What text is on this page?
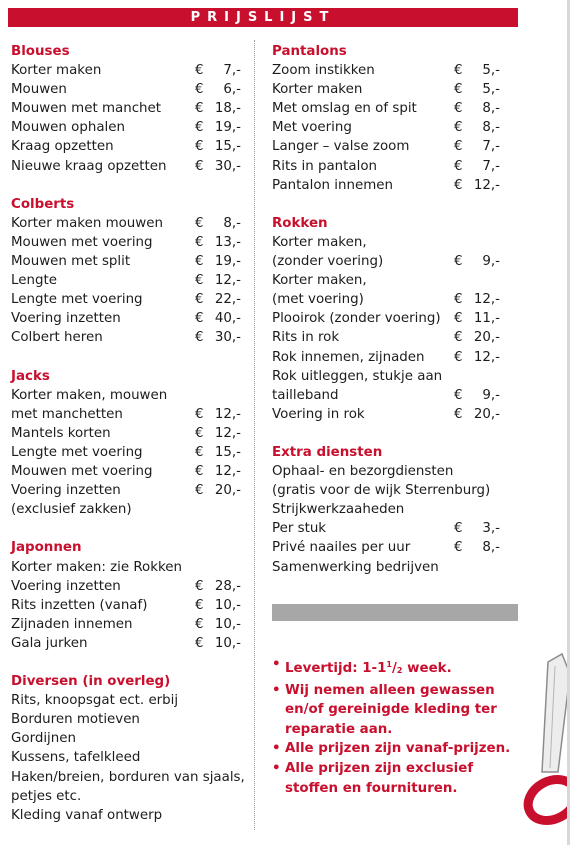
PRIJSLIJST
Blouses
Korter maken	€ 7,-
Mouwen	€ 6,-
Mouwen met manchet	€ 18,-
Mouwen ophalen	€ 19,-
Kraag opzetten	€ 15,-
Nieuwe kraag opzetten	€ 30,-
Colberts
Korter maken mouwen	€ 8,-
Mouwen met voering	€ 13,-
Mouwen met split	€ 19,-
Lengte	€ 12,-
Lengte met voering	€ 22,-
Voering inzetten	€ 40,-
Colbert heren	€ 30,-
Jacks
Korter maken, mouwen
met manchetten	€ 12,-
Mantels korten	€ 12,-
Lengte met voering	€ 15,-
Mouwen met voering	€ 12,-
Voering inzetten	€ 20,-
(exclusief zakken)
Japonnen
Korter maken: zie Rokken
Voering inzetten	€ 28,-
Rits inzetten (vanaf)	€ 10,-
Zijnaden innemen	€ 10,-
Gala jurken	€ 10,-
Diversen (in overleg)
Rits, knoopsgat ect. erbij
Borduren motieven
Gordijnen
Kussens, tafelkleed
Haken/breien, borduren van sjaals,
petjes etc.
Kleding vanaf ontwerp
Pantalons
Zoom instikken	€ 5,-
Korter maken	€ 5,-
Met omslag en of spit	€ 8,-
Met voering	€ 8,-
Langer – valse zoom	€ 7,-
Rits in pantalon	€ 7,-
Pantalon innemen	€ 12,-
Rokken
Korter maken,
(zonder voering)	€ 9,-
Korter maken,
(met voering)	€ 12,-
Plooirok (zonder voering)	€ 11,-
Rits in rok	€ 20,-
Rok innemen, zijnaden	€ 12,-
Rok uitleggen, stukje aan
tailleband	€ 9,-
Voering in rok	€ 20,-
Extra diensten
Ophaal- en bezorgdiensten
(gratis voor de wijk Sterrenburg)
Strijkwerkzaaheden
Per stuk	€ 3,-
Privé naailes per uur	€ 8,-
Samenwerking bedrijven
• Levertijd: $1-1^1/_2$ week.
• Wij nemen alleen gewassen en/of gereinigde kleding ter reparatie aan.
• Alle prijzen zijn vanaf-prijzen.
• Alle prijzen zijn exclusief stoffen en fournituren.
